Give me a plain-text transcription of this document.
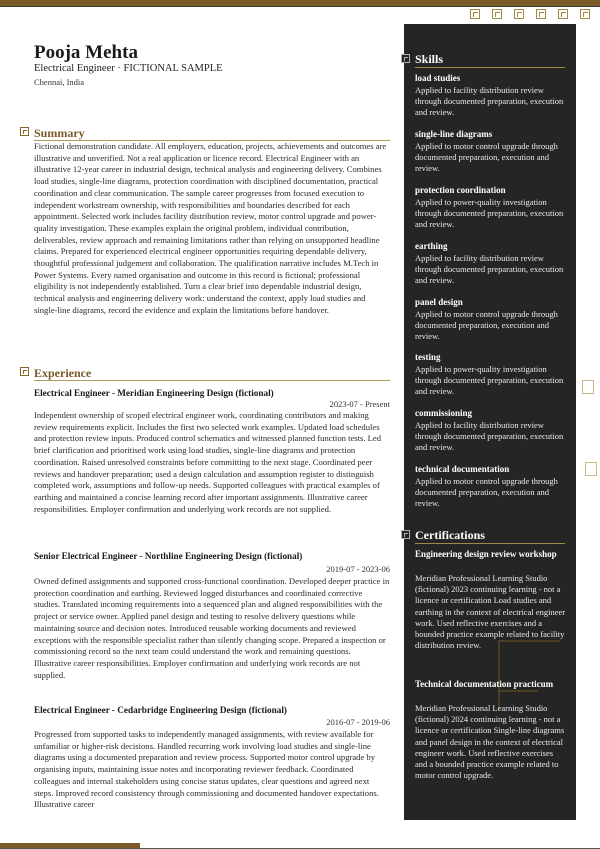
Pooja Mehta
Electrical Engineer · FICTIONAL SAMPLE
Chennai, India
Summary
Fictional demonstration candidate. All employers, education, projects, achievements and outcomes are illustrative and unverified. Not a real application or licence record. Electrical Engineer with an illustrative 12-year career in industrial design, technical analysis and engineering delivery. Combines load studies, single-line diagrams, protection coordination with disciplined documentation, practical coordination and clear communication. The sample career progresses from focused execution to independent workstream ownership, with responsibilities and boundaries described for each appointment. Selected work includes facility distribution review, motor control upgrade and power-quality investigation. These examples explain the original problem, individual contribution, deliverables, review approach and remaining limitations rather than relying on unsupported headline claims. Prepared for experienced electrical engineer opportunities requiring dependable delivery, thoughtful professional judgement and collaboration. The qualification narrative includes M.Tech in Power Systems. Every named organisation and outcome in this record is fictional; professional eligibility is not independently established. Turn a clear brief into dependable industrial design, technical analysis and engineering delivery work: understand the context, apply load studies and single-line diagrams, record the evidence and explain the limitations before handover.
Experience
Electrical Engineer - Meridian Engineering Design (fictional)
2023-07 - Present
Independent ownership of scoped electrical engineer work, coordinating contributors and making review requirements explicit. Includes the first two selected work examples. Updated load schedules and protection review inputs. Produced control schematics and witnessed planned function tests. Led brief clarification and prioritised work using load studies, single-line diagrams and protection coordination. Raised unresolved constraints before committing to the next stage. Coordinated peer reviews and handover preparation; used a design calculation and assumption register to distinguish completed work, assumptions and follow-up needs. Supported colleagues with practical examples of earthing and maintained a concise learning record after important assignments. Illustrative career responsibilities. Employer confirmation and underlying work records are not supplied.
Senior Electrical Engineer - Northline Engineering Design (fictional)
2019-07 - 2023-06
Owned defined assignments and supported cross-functional coordination. Developed deeper practice in protection coordination and earthing. Reviewed logged disturbances and coordinated corrective studies. Translated incoming requirements into a sequenced plan and aligned responsibilities with the project or service owner. Applied panel design and testing to resolve delivery questions while maintaining source and decision notes. Introduced reusable working documents and reviewed exceptions with the responsible specialist rather than silently changing scope. Prepared a inspection or commissioning record so the next team could understand the work and remaining questions. Illustrative career responsibilities. Employer confirmation and underlying work records are not supplied.
Electrical Engineer - Cedarbridge Engineering Design (fictional)
2016-07 - 2019-06
Progressed from supported tasks to independently managed assignments, with review available for unfamiliar or higher-risk decisions. Handled recurring work involving load studies and single-line diagrams using a documented preparation and review process. Supported motor control upgrade by organising inputs, maintaining issue notes and incorporating reviewer feedback. Coordinated colleagues and internal stakeholders using concise status updates, clear questions and agreed next steps. Improved record consistency through commissioning and documented handover expectations. Illustrative career
Skills
load studies
Applied to facility distribution review through documented preparation, execution and review.
single-line diagrams
Applied to motor control upgrade through documented preparation, execution and review.
protection coordination
Applied to power-quality investigation through documented preparation, execution and review.
earthing
Applied to facility distribution review through documented preparation, execution and review.
panel design
Applied to motor control upgrade through documented preparation, execution and review.
testing
Applied to power-quality investigation through documented preparation, execution and review.
commissioning
Applied to facility distribution review through documented preparation, execution and review.
technical documentation
Applied to motor control upgrade through documented preparation, execution and review.
Certifications
Engineering design review workshop
Meridian Professional Learning Studio (fictional) 2023 continuing learning - not a licence or certification Load studies and earthing in the context of electrical engineer work. Used reflective exercises and a bounded practice example related to facility distribution review.
Technical documentation practicum
Meridian Professional Learning Studio (fictional) 2024 continuing learning - not a licence or certification Single-line diagrams and panel design in the context of electrical engineer work. Used reflective exercises and a bounded practice example related to motor control upgrade.
